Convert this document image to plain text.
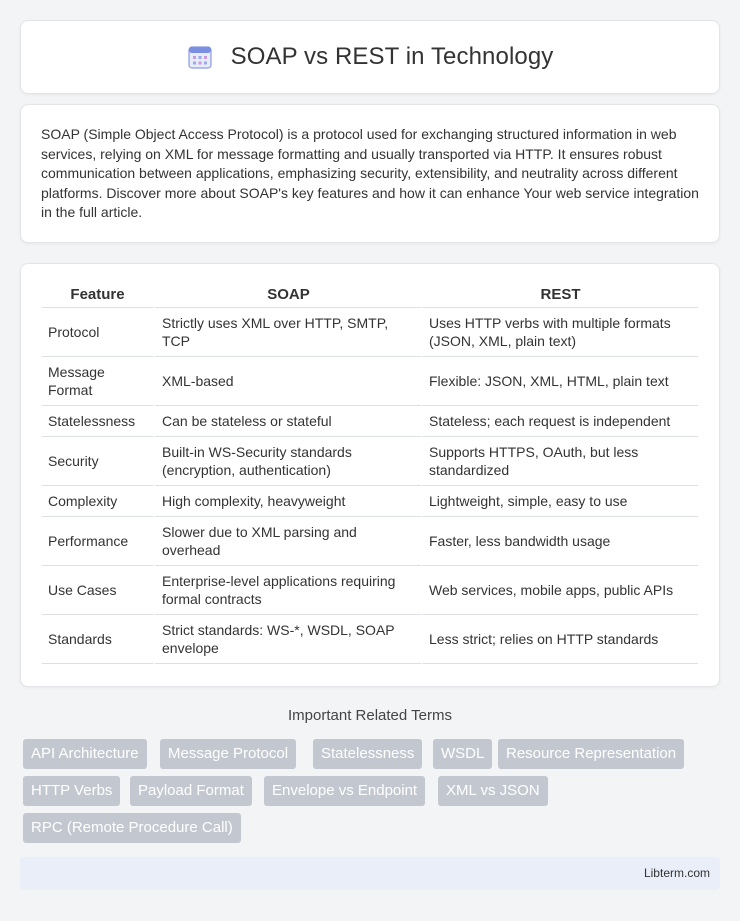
SOAP vs REST in Technology

SOAP (Simple Object Access Protocol) is a protocol used for exchanging structured information in web services, relying on XML for message formatting and usually transported via HTTP. It ensures robust communication between applications, emphasizing security, extensibility, and neutrality across different platforms. Discover more about SOAP's key features and how it can enhance Your web service integration in the full article.

Feature	SOAP	REST
Protocol	Strictly uses XML over HTTP, SMTP, TCP	Uses HTTP verbs with multiple formats (JSON, XML, plain text)
Message Format	XML-based	Flexible: JSON, XML, HTML, plain text
Statelessness	Can be stateless or stateful	Stateless; each request is independent
Security	Built-in WS-Security standards (encryption, authentication)	Supports HTTPS, OAuth, but less standardized
Complexity	High complexity, heavyweight	Lightweight, simple, easy to use
Performance	Slower due to XML parsing and overhead	Faster, less bandwidth usage
Use Cases	Enterprise-level applications requiring formal contracts	Web services, mobile apps, public APIs
Standards	Strict standards: WS-*, WSDL, SOAP envelope	Less strict; relies on HTTP standards
Important Related Terms
API Architecture	Message Protocol	Statelessness	WSDL	Resource Representation
HTTP Verbs	Payload Format	Envelope vs Endpoint	XML vs JSON
RPC (Remote Procedure Call)
Libterm.com
